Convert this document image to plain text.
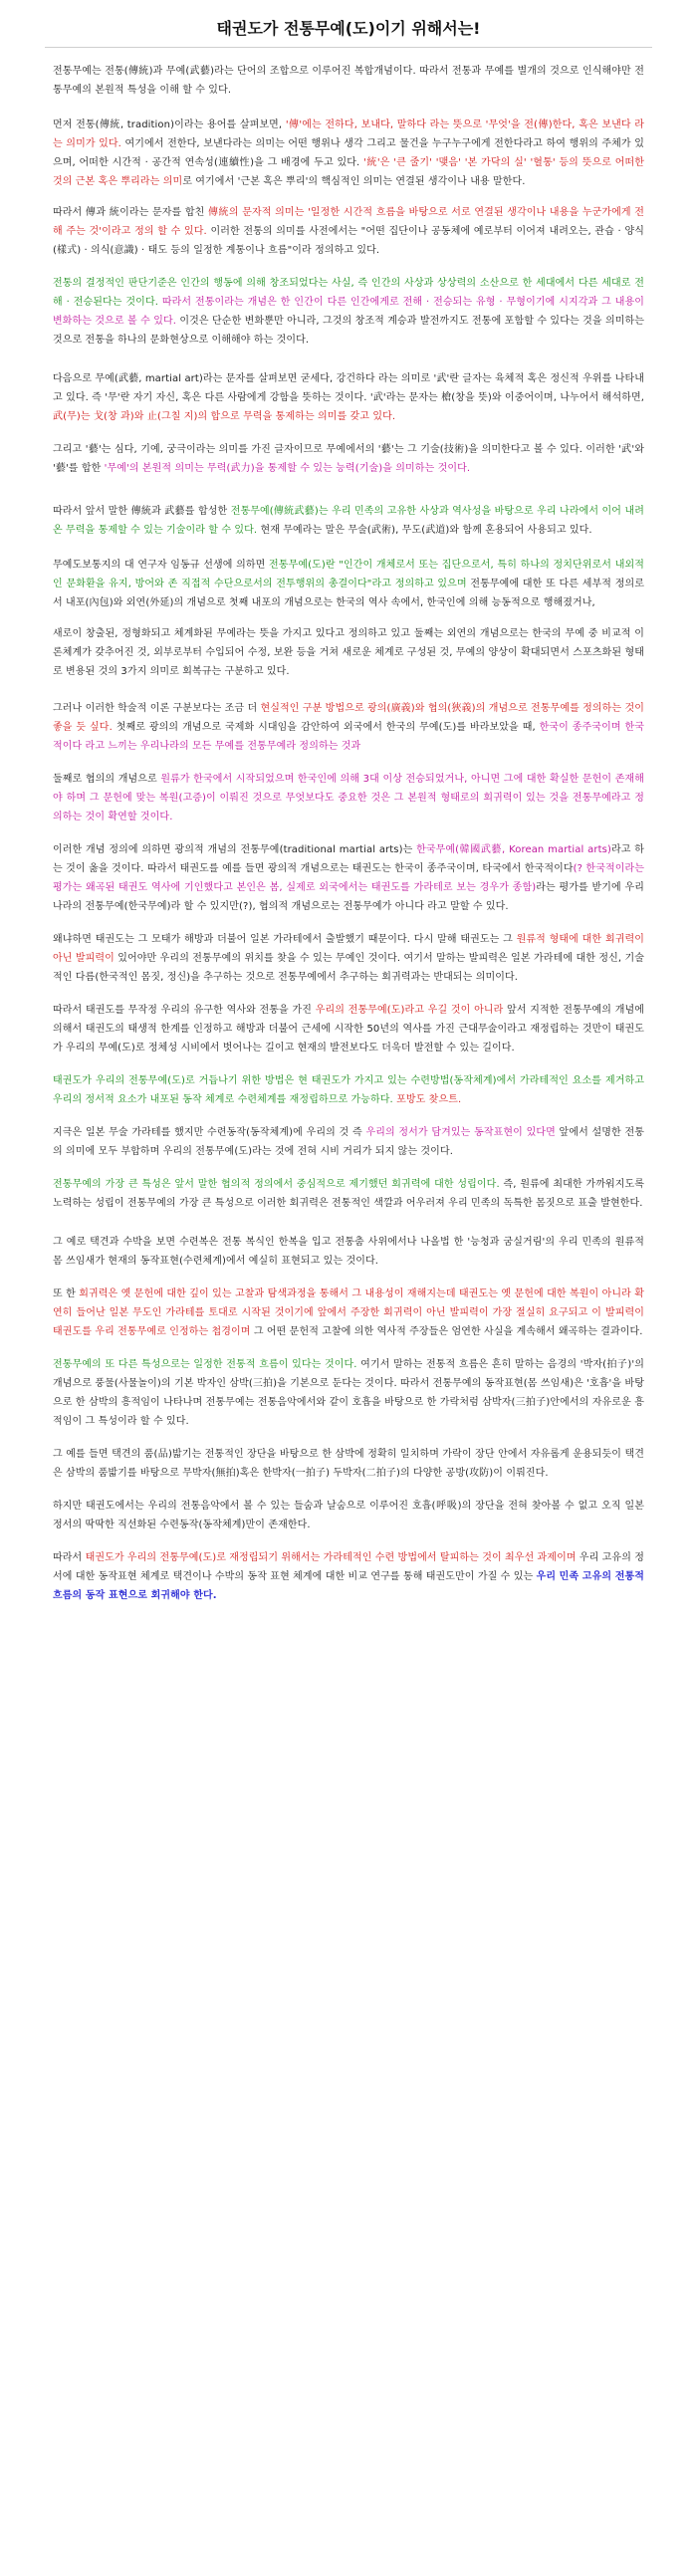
태권도가 전통무예(도)이기 위해서는!

전통무예는 전통(傳統)과 무예(武藝)라는 단어의 조합으로 이루어진 복합개념이다. 따라서 전통과 무예를 별개의 것으로 인식해야만 전통무예의 본원적 특성을 이해 할 수 있다.

먼저 전통(傳統, tradition)이라는 용어를 살펴보면, '傳'에는 전하다, 보내다, 말하다 라는 뜻으로 '무엇'을 전(傳)한다, 혹은 보낸다 라는 의미가 있다. 여기에서 전한다, 보낸다라는 의미는 어떤 행위나 생각 그리고 물건을 누구누구에게 전한다라고 하여 행위의 주체가 있으며, 어떠한 시간적 · 공간적 연속성(連續性)을 그 배경에 두고 있다. '統'은 '큰 줄기' '맺음' '본 가닥의 실' '혈통' 등의 뜻으로 어떠한 것의 근본 혹은 뿌리라는 의미로 여기에서 '근본 혹은 뿌리'의 핵심적인 의미는 연결된 생각이나 내용 말한다.

따라서 傳과 統이라는 문자를 합친 傳統의 문자적 의미는 '일정한 시간적 흐름을 바탕으로 서로 연결된 생각이나 내용을 누군가에게 전해 주는 것'이라고 정의 할 수 있다. 이러한 전통의 의미를 사전에서는 "어떤 집단이나 공동체에 예로부터 이어져 내려오는, 관습 · 양식(樣式) · 의식(意識) · 태도 등의 일정한 계통이나 흐름"이라 정의하고 있다.

전통의 결정적인 판단기준은 인간의 행동에 의해 창조되었다는 사실, 즉 인간의 사상과 상상력의 소산으로 한 세대에서 다른 세대로 전해 · 전승된다는 것이다. 따라서 전통이라는 개념은 한 인간이 다른 인간에게로 전해 · 전승되는 유형 · 무형이기에 시지각과 그 내용이 변화하는 것으로 볼 수 있다. 이것은 단순한 변화뿐만 아니라, 그것의 창조적 계승과 발전까지도 전통에 포함할 수 있다는 것을 의미하는 것으로 전통을 하나의 문화현상으로 이해해야 하는 것이다.

다음으로 무예(武藝, martial art)라는 문자를 살펴보면 굳세다, 강건하다 라는 의미로 '武'란 글자는 육체적 혹은 정신적 우위를 나타내고 있다. 즉 '무'란 자기 자신, 혹은 다른 사람에게 강함을 뜻하는 것이다. '武'라는 문자는 槍(창을 뜻)와 이중어이며, 나누어서 해석하면, 武(무)는 戈(창 과)와 止(그칠 지)의 합으로 무력을 통제하는 의미를 갖고 있다.

그리고 '藝'는 심다, 기예, 궁극이라는 의미를 가진 글자이므로 무예에서의 '藝'는 그 기술(技術)을 의미한다고 볼 수 있다. 이러한 '武'와 '藝'를 합한 '무예'의 본원적 의미는 무력(武力)을 통제할 수 있는 능력(기술)을 의미하는 것이다.

따라서 앞서 말한 傳統과 武藝를 합성한 전통무예(傳統武藝)는 우리 민족의 고유한 사상과 역사성을 바탕으로 우리 나라에서 이어 내려온 무력을 통제할 수 있는 기술이라 할 수 있다. 현재 무예라는 말은 무술(武術), 무도(武道)와 함께 혼용되어 사용되고 있다.

무예도보통지의 대 연구자 임동규 선생에 의하면 전통무예(도)란 "인간이 개체로서 또는 집단으로서, 특히 하나의 정치단위로서 내외적인 문화환을 유지, 방어와 존 직접적 수단으로서의 전투행위의 총결이다"라고 정의하고 있으며 전통무예에 대한 또 다른 세부적 정의로서 내포(內包)와 외연(外延)의 개념으로 첫째 내포의 개념으로는 한국의 역사 속에서, 한국인에 의해 능동적으로 행해졌거나,

새로이 창출된, 정형화되고 체계화된 무예라는 뜻을 가지고 있다고 정의하고 있고 둘째는 외연의 개념으로는 한국의 무예 중 비교적 이론체계가 갖추어진 것, 외부로부터 수입되어 수정, 보완 등을 거쳐 새로운 체계로 구성된 것, 무예의 양상이 확대되면서 스포츠화된 형태로 변용된 것의 3가지 의미로 회복규는 구분하고 있다.

그러나 이러한 학술적 이론 구분보다는 조금 더 현실적인 구분 방법으로 광의(廣義)와 협의(狹義)의 개념으로 전통무예를 정의하는 것이 좋을 듯 싶다. 첫째로 광의의 개념으로 국제화 시대임을 감안하여 외국에서 한국의 무예(도)를 바라보았을 때, 한국이 종주국이며 한국적이다 라고 느끼는 우리나라의 모든 무예를 전통무예라 정의하는 것과

둘째로 협의의 개념으로 원류가 한국에서 시작되었으며 한국인에 의해 3대 이상 전승되었거나, 아니면 그에 대한 확실한 문헌이 존재해야 하며 그 문헌에 맞는 복원(고증)이 이뤄진 것으로 무엇보다도 중요한 것은 그 본원적 형태로의 회귀력이 있는 것을 전통무예라고 정의하는 것이 확연할 것이다.

이러한 개념 정의에 의하면 광의적 개념의 전통무예(traditional martial arts)는 한국무예(韓國武藝, Korean martial arts)라고 하는 것이 옳을 것이다. 따라서 태권도를 예를 들면 광의적 개념으로는 태권도는 한국이 종주국이며, 타국에서 한국적이다(? 한국적이라는 평가는 왜곡된 태권도 역사에 기인했다고 본인은 봄, 실제로 외국에서는 태권도를 가라테로 보는 경우가 종함)라는 평가를 받기에 우리나라의 전통무예(한국무예)라 할 수 있지만(?), 협의적 개념으로는 전통무예가 아니다 라고 말할 수 있다.

왜냐하면 태권도는 그 모태가 해방과 더불어 일본 가라테에서 출발했기 때문이다. 다시 말해 태권도는 그 원류적 형태에 대한 회귀력이 아닌 발피력이 있어야만 우리의 전통무예의 위치를 찾을 수 있는 무예인 것이다. 여기서 말하는 발피력은 일본 가라테에 대한 정신, 기술적인 다름(한국적인 몸짓, 정신)을 추구하는 것으로 전통무예에서 추구하는 회귀력과는 반대되는 의미이다.

따라서 태권도를 무작정 우리의 유구한 역사와 전통을 가진 우리의 전통무예(도)라고 우길 것이 아니라 앞서 지적한 전통무예의 개념에 의해서 태권도의 태생적 한계를 인정하고 해방과 더불어 근세에 시작한 50년의 역사를 가진 근대무술이라고 재정립하는 것만이 태권도가 우리의 무예(도)로 정체성 시비에서 벗어나는 길이고 현재의 발전보다도 더욱더 발전할 수 있는 길이다.

태권도가 우리의 전통무예(도)로 거듭나기 위한 방법은 현 태권도가 가지고 있는 수련방법(동작체계)에서 가라테적인 요소를 제거하고 우리의 정서적 요소가 내포된 동작 체계로 수련체계를 재정립하므로 가능하다. 포방도 찾으트.

지극은 일본 무술 가라테를 했지만 수련동작(동작체계)에 우리의 것 즉 우리의 정서가 담겨있는 동작표현이 있다면 앞에서 설명한 전통의 의미에 모두 부합하며 우리의 전통무예(도)라는 것에 전혀 시비 거리가 되지 않는 것이다.

전통무예의 가장 큰 특성은 앞서 말한 협의적 정의에서 중심적으로 제기했던 회귀력에 대한 성립이다. 즉, 원류에 최대한 가까워지도록 노력하는 성립이 전통무예의 가장 큰 특성으로 이러한 회귀력은 전통적인 색깔과 어우러져 우리 민족의 독특한 몸짓으로 표출 발현한다.

그 예로 택견과 수박을 보면 수련복은 전통 복식인 한복을 입고 전통춤 사위에서나 나올법 한 '능청과 굼실거림'의 우리 민족의 원류적 몸 쓰임새가 현재의 동작표현(수련체계)에서 예실히 표현되고 있는 것이다.

또 한 회귀력은 옛 문헌에 대한 깊이 있는 고찰과 탐색과정을 통해서 그 내용성이 재해지는데 태권도는 옛 문헌에 대한 복원이 아니라 확연히 들어난 일본 무도인 가라테를 토대로 시작된 것이기에 앞에서 주장한 회귀력이 아닌 발피력이 가장 절실히 요구되고 이 발피력이 태권도를 우리 전통무예로 인정하는 첩경이며 그 어떤 문헌적 고찰에 의한 역사적 주장들은 엄연한 사실을 계속해서 왜곡하는 결과이다.

전통무예의 또 다른 특성으로는 일정한 전통적 흐름이 있다는 것이다. 여기서 말하는 전통적 흐름은 흔히 말하는 음경의 '박자(拍子)'의 개념으로 풍물(사물놀이)의 기본 박자인 삼박(三拍)을 기본으로 둔다는 것이다. 따라서 전통무예의 동작표현(몸 쓰임새)은 '호흡'을 바탕으로 한 삼박의 흥적임이 나타나며 전통무예는 전통음악에서와 같이 호흡을 바탕으로 한 가락처럼 삼박자(三拍子)안에서의 자유로운 흥적임이 그 특성이라 할 수 있다.

그 예를 들면 택견의 품(品)밟기는 전통적인 장단을 바탕으로 한 삼박에 정확히 일치하며 가락이 장단 안에서 자유롭게 운용되듯이 택견은 삼박의 품밟기를 바탕으로 무박자(無拍)혹은 한박자(一拍子) 두박자(二拍子)의 다양한 공방(攻防)이 이뤄진다.

하지만 태권도에서는 우리의 전통음악에서 볼 수 있는 들숨과 날숨으로 이루어진 호흡(呼吸)의 장단을 전혀 찾아볼 수 없고 오직 일본 정서의 딱딱한 직선화된 수련동작(동작체계)만이 존재한다.

따라서 태권도가 우리의 전통무예(도)로 재정립되기 위해서는 가라테적인 수련 방법에서 탈피하는 것이 최우선 과제이며 우리 고유의 정서에 대한 동작표현 체계로 택견이나 수박의 동작 표현 체계에 대한 비교 연구를 통해 태권도만이 가질 수 있는 우리 민족 고유의 전통적 흐름의 동작 표현으로 회귀해야 한다.
